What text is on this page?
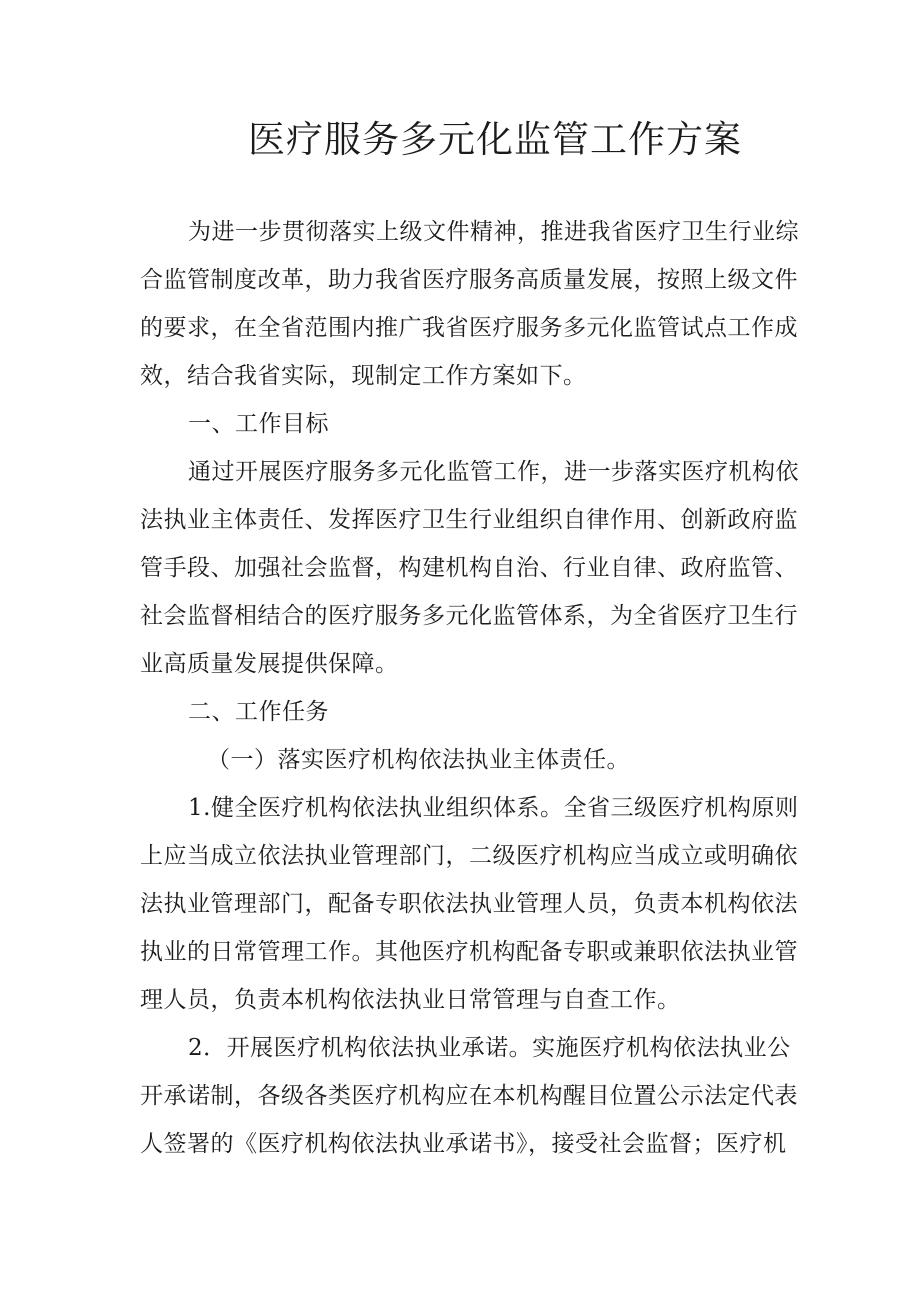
医疗服务多元化监管工作方案
为进一步贯彻落实上级文件精神，推进我省医疗卫生行业综
合监管制度改革，助力我省医疗服务高质量发展，按照上级文件
的要求，在全省范围内推广我省医疗服务多元化监管试点工作成
效，结合我省实际，现制定工作方案如下。
一、工作目标
通过开展医疗服务多元化监管工作，进一步落实医疗机构依
法执业主体责任、发挥医疗卫生行业组织自律作用、创新政府监
管手段、加强社会监督，构建机构自治、行业自律、政府监管、
社会监督相结合的医疗服务多元化监管体系，为全省医疗卫生行
业高质量发展提供保障。
二、工作任务
（一）落实医疗机构依法执业主体责任。
1.健全医疗机构依法执业组织体系。全省三级医疗机构原则
上应当成立依法执业管理部门，二级医疗机构应当成立或明确依
法执业管理部门，配备专职依法执业管理人员，负责本机构依法
执业的日常管理工作。其他医疗机构配备专职或兼职依法执业管
理人员，负责本机构依法执业日常管理与自查工作。
2．开展医疗机构依法执业承诺。实施医疗机构依法执业公
开承诺制，各级各类医疗机构应在本机构醒目位置公示法定代表
人签署的《医疗机构依法执业承诺书》，接受社会监督；医疗机
